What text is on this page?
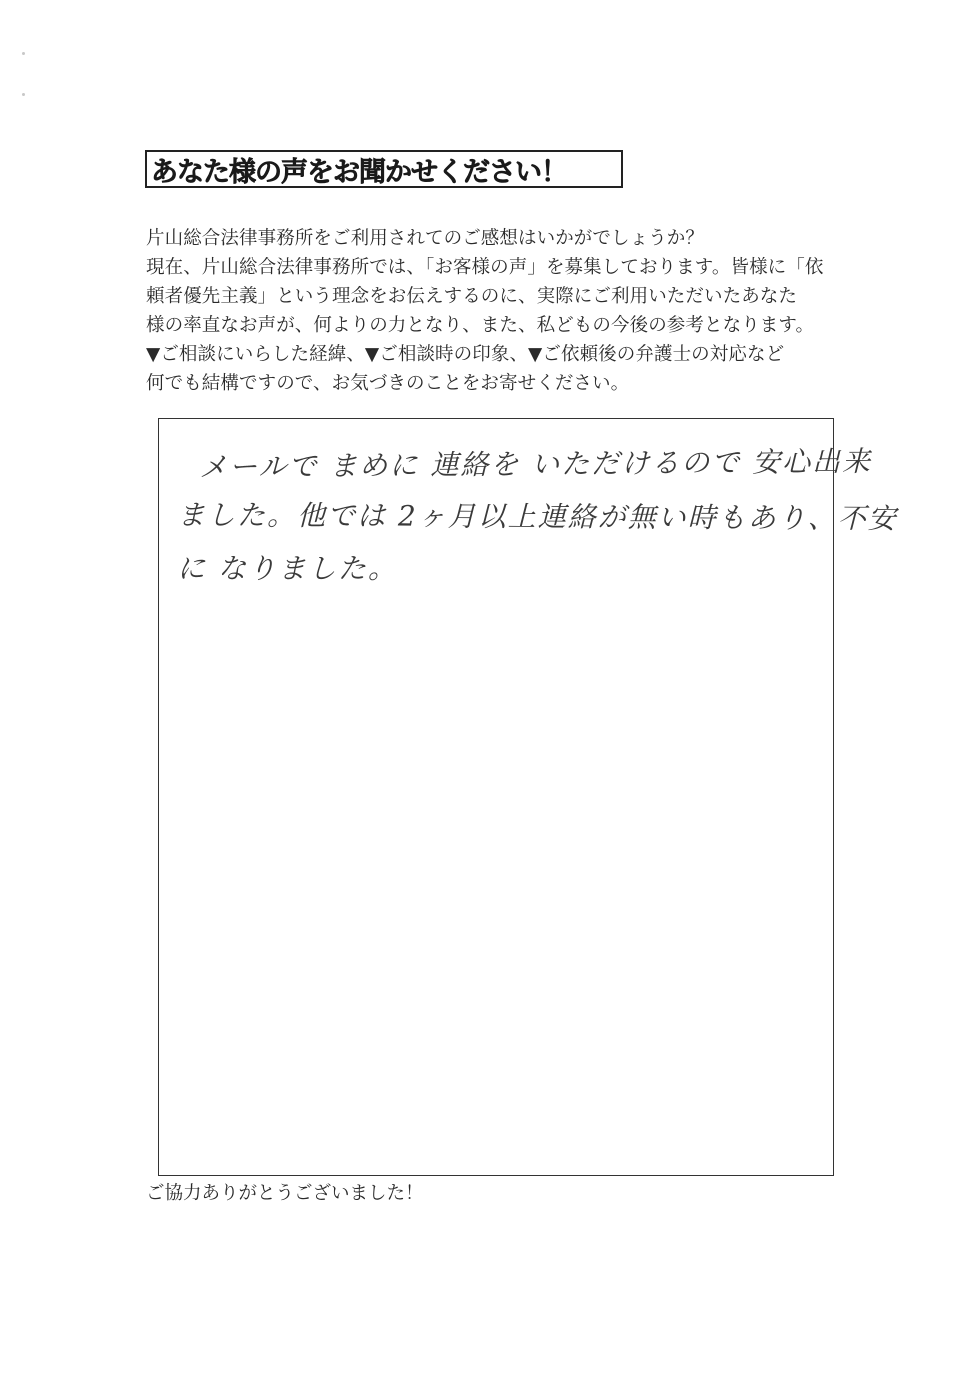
あなた様の声をお聞かせください！
片山総合法律事務所をご利用されてのご感想はいかがでしょうか？
現在、片山総合法律事務所では、「お客様の声」を募集しております。皆様に「依
頼者優先主義」という理念をお伝えするのに、実際にご利用いただいたあなた
様の率直なお声が、何よりの力となり、また、私どもの今後の参考となります。
▼ご相談にいらした経緯、▼ご相談時の印象、▼ご依頼後の弁護士の対応など
何でも結構ですので、お気づきのことをお寄せください。
メールで まめに 連絡を いただけるので 安心出来
ました。他では 2ヶ月以上連絡が無い時もあり、不安
に なりました。
ご協力ありがとうございました！
